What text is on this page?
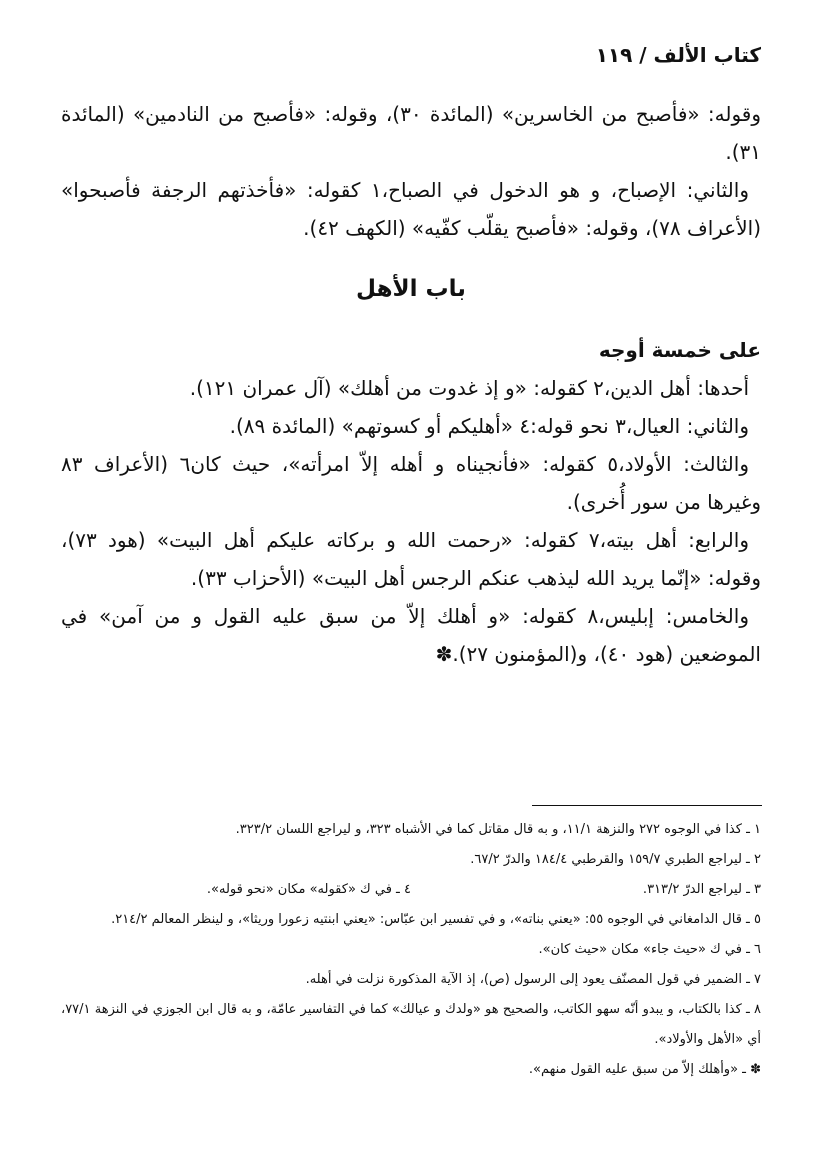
كتاب الألف / ١١٩

وقوله: «فأصبح من الخاسرين» (المائدة ٣٠)، وقوله: «فأصبح من النادمين» (المائدة ٣١).

والثاني: الإصباح، و هو الدخول في الصباح،١ كقوله: «فأخذتهم الرجفة فأصبحوا» (الأعراف ٧٨)، وقوله: «فأصبح يقلّب كفّيه» (الكهف ٤٢).

باب الأهل

على خمسة أوجه

أحدها: أهل الدين،٢ كقوله: «و إذ غدوت من أهلك» (آل عمران ١٢١).

والثاني: العيال،٣ نحو قوله:٤ «أهليكم أو كسوتهم» (المائدة ٨٩).

والثالث: الأولاد،٥ كقوله: «فأنجيناه و أهله إلاّ امرأته»، حيث كان٦ (الأعراف ٨٣ وغيرها من سور أُخرى).

والرابع: أهل بيته،٧ كقوله: «رحمت الله و بركاته عليكم أهل البيت» (هود ٧٣)، وقوله: «إنّما يريد الله ليذهب عنكم الرجس أهل البيت» (الأحزاب ٣٣).

والخامس: إبليس،٨ كقوله: «و أهلك إلاّ من سبق عليه القول و من آمن» في الموضعين (هود ٤٠)، و(المؤمنون ٢٧).✽

١ ـ كذا في الوجوه ٢٧٢ والنزهة ١١/١، و به قال مقاتل كما في الأشباه ٣٢٣، و ليراجع اللسان ٣٢٣/٢.

٢ ـ ليراجع الطبري ١٥٩/٧ والقرطبي ١٨٤/٤ والدرّ ٦٧/٢.

٣ ـ ليراجع الدرّ ٣١٣/٢.
٤ ـ في ك «كقوله» مكان «نحو قوله».

٥ ـ قال الدامغاني في الوجوه ٥٥: «يعني بناته»، و في تفسير ابن عبّاس: «يعني ابنتيه زعورا وريثا»، و لينظر المعالم ٢١٤/٢.

٦ ـ في ك «حيث جاء» مكان «حيث كان».

٧ ـ الضمير في قول المصنّف يعود إلى الرسول (ص)، إذ الآية المذكورة نزلت في أهله.

٨ ـ كذا بالكتاب، و يبدو أنّه سهو الكاتب، والصحيح هو «ولدك و عيالك» كما في التفاسير عامّة، و به قال ابن الجوزي في النزهة ٧٧/١، أي «الأهل والأولاد».

✽ ـ «وأهلك إلاّ من سبق عليه القول منهم».
